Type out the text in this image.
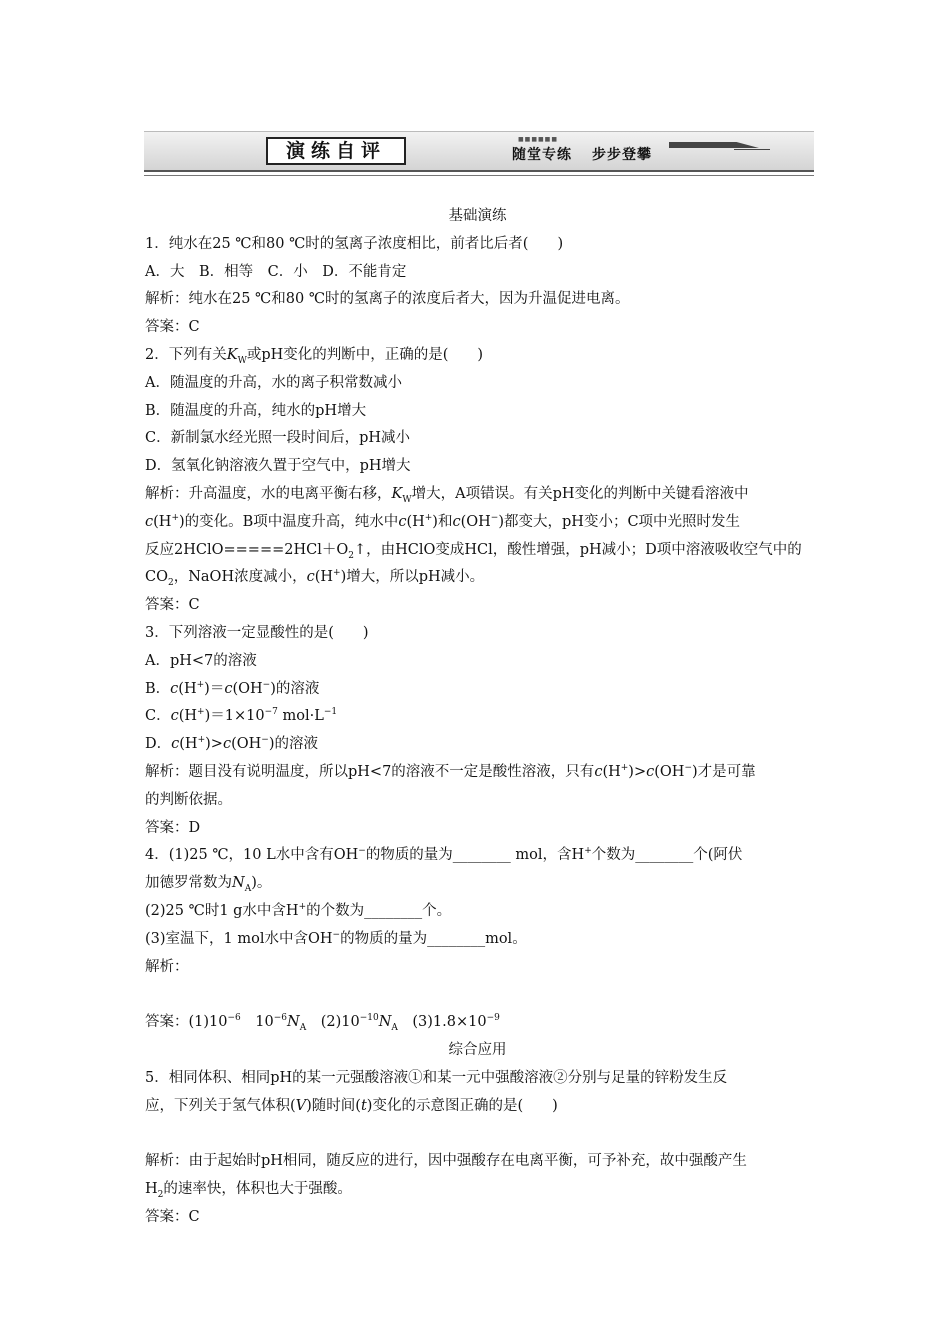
演练自评
■■■■■■
随堂专练 步步登攀
基础演练
1．纯水在25 ℃和80 ℃时的氢离子浓度相比，前者比后者(　　)
A．大　B．相等　C．小　D．不能肯定
解析：纯水在25 ℃和80 ℃时的氢离子的浓度后者大，因为升温促进电离。
答案：C
2．下列有关$K_W$或pH变化的判断中，正确的是(　　)
A．随温度的升高，水的离子积常数减小
B．随温度的升高，纯水的pH增大
C．新制氯水经光照一段时间后，pH减小
D．氢氧化钠溶液久置于空气中，pH增大
解析：升高温度，水的电离平衡右移，$K_W$增大，A项错误。有关pH变化的判断中关键看溶液中
c(H+)的变化。B项中温度升高，纯水中c(H+)和c(OH−)都变大，pH变小；C项中光照时发生
反应$2HClO=====2HCl+O_2↑$，由HClO变成HCl，酸性增强，pH减小；D项中溶液吸收空气中的
$CO_2$，NaOH浓度减小，c(H+)增大，所以pH减小。
答案：C
3．下列溶液一定显酸性的是(　　)
A．pH<7的溶液
B．c(H+)＝c(OH−)的溶液
C．$c(H^+)=1\times 10^{-7}$ $mol\cdot L^{-1}$
D．c(H+)>c(OH−)的溶液
解析：题目没有说明温度，所以pH<7的溶液不一定是酸性溶液，只有c(H+)>c(OH−)才是可靠
的判断依据。
答案：D
4．(1)25 ℃，10 L水中含有OH−的物质的量为________ mol，含H+个数为________个(阿伏
加德罗常数为$N_A$)。
(2)25 ℃时1 g水中含H+的个数为________个。
(3)室温下，1 mol水中含OH−的物质的量为________mol。
解析：
答案：$(1)10^{-6}$　$10^{-6}N_A$　$(2)10^{-10}N_A$　$(3)1.8\times 10^{-9}$
综合应用
5．相同体积、相同pH的某一元强酸溶液①和某一元中强酸溶液②分别与足量的锌粉发生反
应，下列关于氢气体积(V)随时间(t)变化的示意图正确的是(　　)
解析：由于起始时pH相同，随反应的进行，因中强酸存在电离平衡，可予补充，故中强酸产生
$H_2$的速率快，体积也大于强酸。
答案：C
